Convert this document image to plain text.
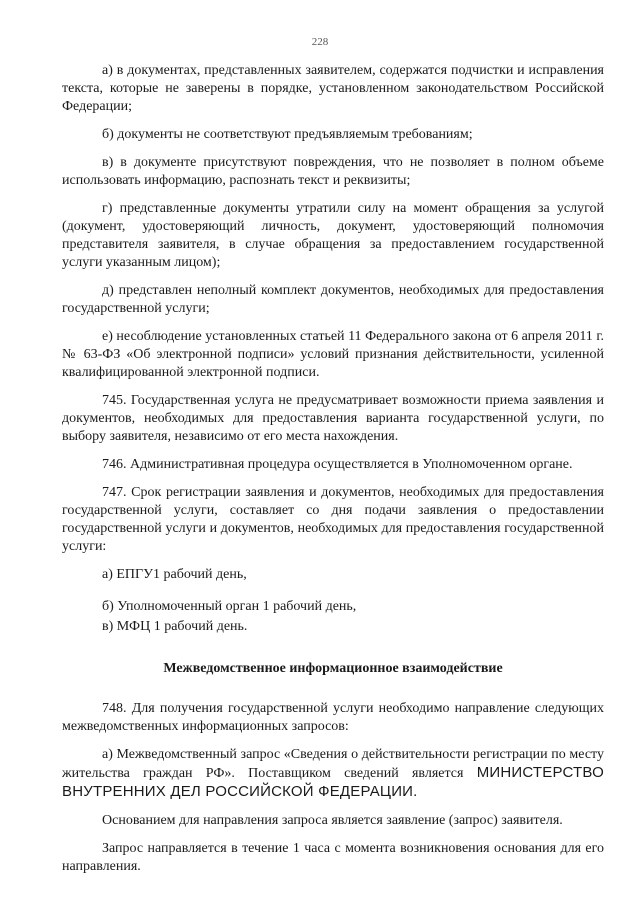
228

а) в документах, представленных заявителем, содержатся подчистки и исправления текста, которые не заверены в порядке, установленном законодательством Российской Федерации;

б) документы не соответствуют предъявляемым требованиям;

в) в документе присутствуют повреждения, что не позволяет в полном объеме использовать информацию, распознать текст и реквизиты;

г) представленные документы утратили силу на момент обращения за услугой (документ, удостоверяющий личность, документ, удостоверяющий полномочия представителя заявителя, в случае обращения за предоставлением государственной услуги указанным лицом);

д) представлен неполный комплект документов, необходимых для предоставления государственной услуги;

е) несоблюдение установленных статьей 11 Федерального закона от 6 апреля 2011 г. № 63-ФЗ «Об электронной подписи» условий признания действительности, усиленной квалифицированной электронной подписи.

745. Государственная услуга не предусматривает возможности приема заявления и документов, необходимых для предоставления варианта государственной услуги, по выбору заявителя, независимо от его места нахождения.

746. Административная процедура осуществляется в Уполномоченном органе.

747. Срок регистрации заявления и документов, необходимых для предоставления государственной услуги, составляет со дня подачи заявления о предоставлении государственной услуги и документов, необходимых для предоставления государственной услуги:

а) ЕПГУ1 рабочий день,

б) Уполномоченный орган 1 рабочий день,

в) МФЦ 1 рабочий день.

Межведомственное информационное взаимодействие

748. Для получения государственной услуги необходимо направление следующих межведомственных информационных запросов:

а) Межведомственный запрос «Сведения о действительности регистрации по месту жительства граждан РФ». Поставщиком сведений является МИНИСТЕРСТВО ВНУТРЕННИХ ДЕЛ РОССИЙСКОЙ ФЕДЕРАЦИИ.

Основанием для направления запроса является заявление (запрос) заявителя.

Запрос направляется в течение 1 часа с момента возникновения основания для его направления.
